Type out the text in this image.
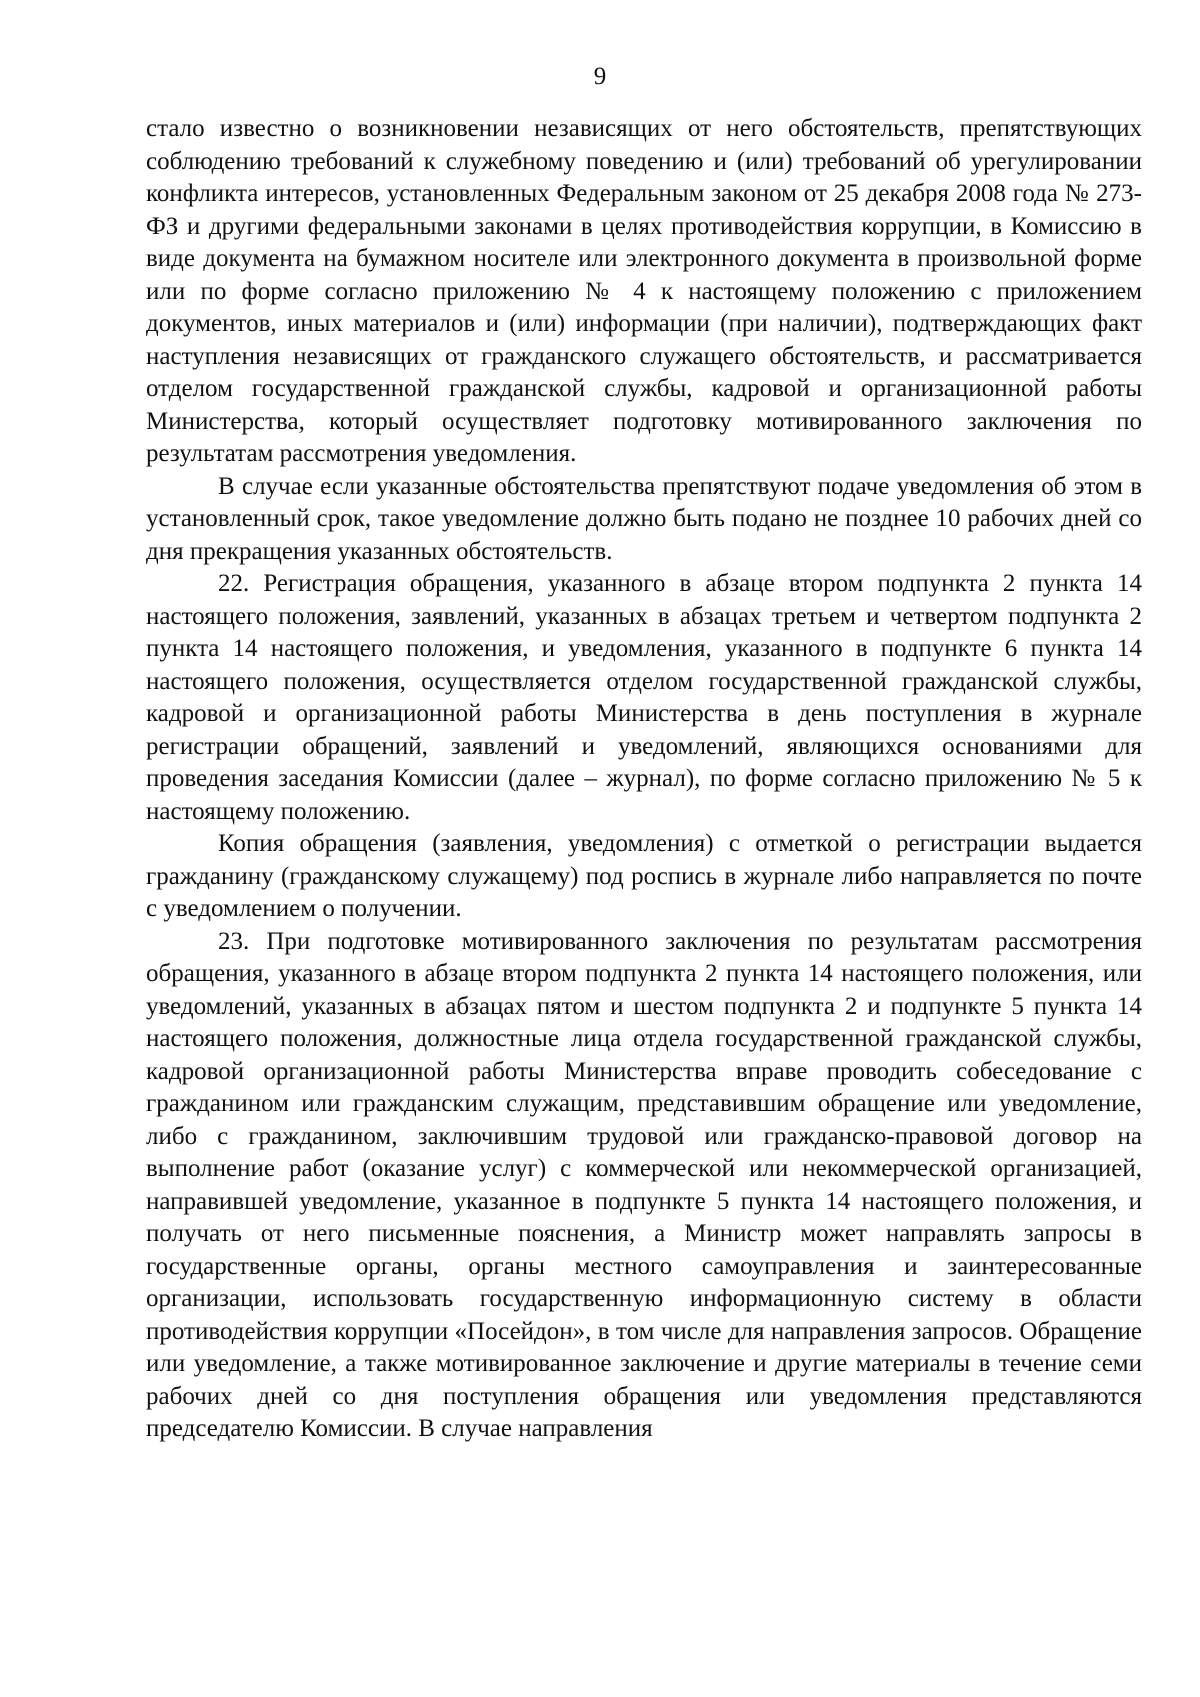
9

стало известно о возникновении независящих от него обстоятельств, препятствующих соблюдению требований к служебному поведению и (или) требований об урегулировании конфликта интересов, установленных Федеральным законом от 25 декабря 2008 года № 273-ФЗ и другими федеральными законами в целях противодействия коррупции, в Комиссию в виде документа на бумажном носителе или электронного документа в произвольной форме или по форме согласно приложению № 4 к настоящему положению с приложением документов, иных материалов и (или) информации (при наличии), подтверждающих факт наступления независящих от гражданского служащего обстоятельств, и рассматривается отделом государственной гражданской службы, кадровой и организационной работы Министерства, который осуществляет подготовку мотивированного заключения по результатам рассмотрения уведомления.

В случае если указанные обстоятельства препятствуют подаче уведомления об этом в установленный срок, такое уведомление должно быть подано не позднее 10 рабочих дней со дня прекращения указанных обстоятельств.

22. Регистрация обращения, указанного в абзаце втором подпункта 2 пункта 14 настоящего положения, заявлений, указанных в абзацах третьем и четвертом подпункта 2 пункта 14 настоящего положения, и уведомления, указанного в подпункте 6 пункта 14 настоящего положения, осуществляется отделом государственной гражданской службы, кадровой и организационной работы Министерства в день поступления в журнале регистрации обращений, заявлений и уведомлений, являющихся основаниями для проведения заседания Комиссии (далее – журнал), по форме согласно приложению № 5 к настоящему положению.

Копия обращения (заявления, уведомления) с отметкой о регистрации выдается гражданину (гражданскому служащему) под роспись в журнале либо направляется по почте с уведомлением о получении.

23. При подготовке мотивированного заключения по результатам рассмотрения обращения, указанного в абзаце втором подпункта 2 пункта 14 настоящего положения, или уведомлений, указанных в абзацах пятом и шестом подпункта 2 и подпункте 5 пункта 14 настоящего положения, должностные лица отдела государственной гражданской службы, кадровой организационной работы Министерства вправе проводить собеседование с гражданином или гражданским служащим, представившим обращение или уведомление, либо с гражданином, заключившим трудовой или гражданско-правовой договор на выполнение работ (оказание услуг) с коммерческой или некоммерческой организацией, направившей уведомление, указанное в подпункте 5 пункта 14 настоящего положения, и получать от него письменные пояснения, а Министр может направлять запросы в государственные органы, органы местного самоуправления и заинтересованные организации, использовать государственную информационную систему в области противодействия коррупции «Посейдон», в том числе для направления запросов. Обращение или уведомление, а также мотивированное заключение и другие материалы в течение семи рабочих дней со дня поступления обращения или уведомления представляются председателю Комиссии. В случае направления
